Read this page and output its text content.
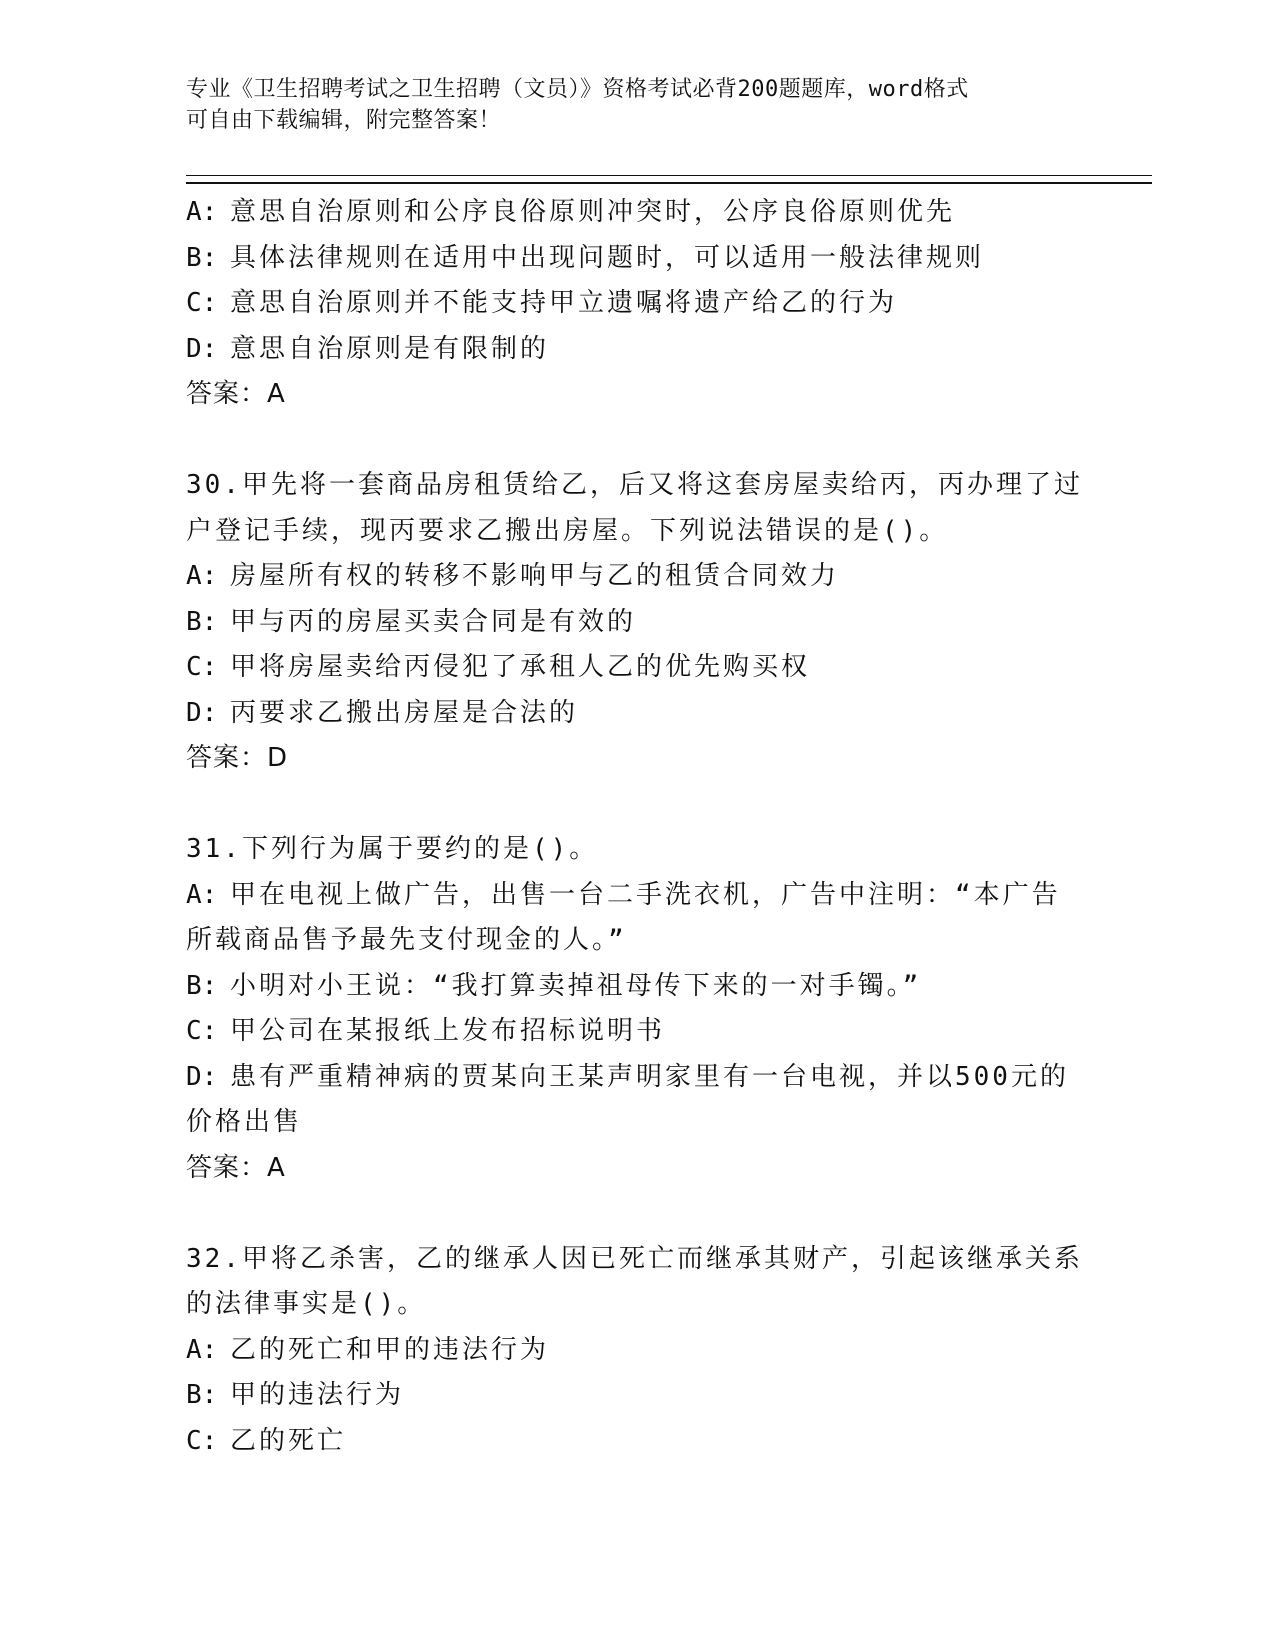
专业《卫生招聘考试之卫生招聘（文员）》资格考试必背200题题库，word格式
可自由下载编辑，附完整答案！
A: 意思自治原则和公序良俗原则冲突时，公序良俗原则优先
B: 具体法律规则在适用中出现问题时，可以适用一般法律规则
C: 意思自治原则并不能支持甲立遗嘱将遗产给乙的行为
D: 意思自治原则是有限制的
答案：A
30.甲先将一套商品房租赁给乙，后又将这套房屋卖给丙，丙办理了过
户登记手续，现丙要求乙搬出房屋。下列说法错误的是()。
A: 房屋所有权的转移不影响甲与乙的租赁合同效力
B: 甲与丙的房屋买卖合同是有效的
C: 甲将房屋卖给丙侵犯了承租人乙的优先购买权
D: 丙要求乙搬出房屋是合法的
答案：D
31.下列行为属于要约的是()。
A: 甲在电视上做广告，出售一台二手洗衣机，广告中注明：“本广告
所载商品售予最先支付现金的人。”
B: 小明对小王说：“我打算卖掉祖母传下来的一对手镯。”
C: 甲公司在某报纸上发布招标说明书
D: 患有严重精神病的贾某向王某声明家里有一台电视，并以500元的
价格出售
答案：A
32.甲将乙杀害，乙的继承人因已死亡而继承其财产，引起该继承关系
的法律事实是()。
A: 乙的死亡和甲的违法行为
B: 甲的违法行为
C: 乙的死亡
